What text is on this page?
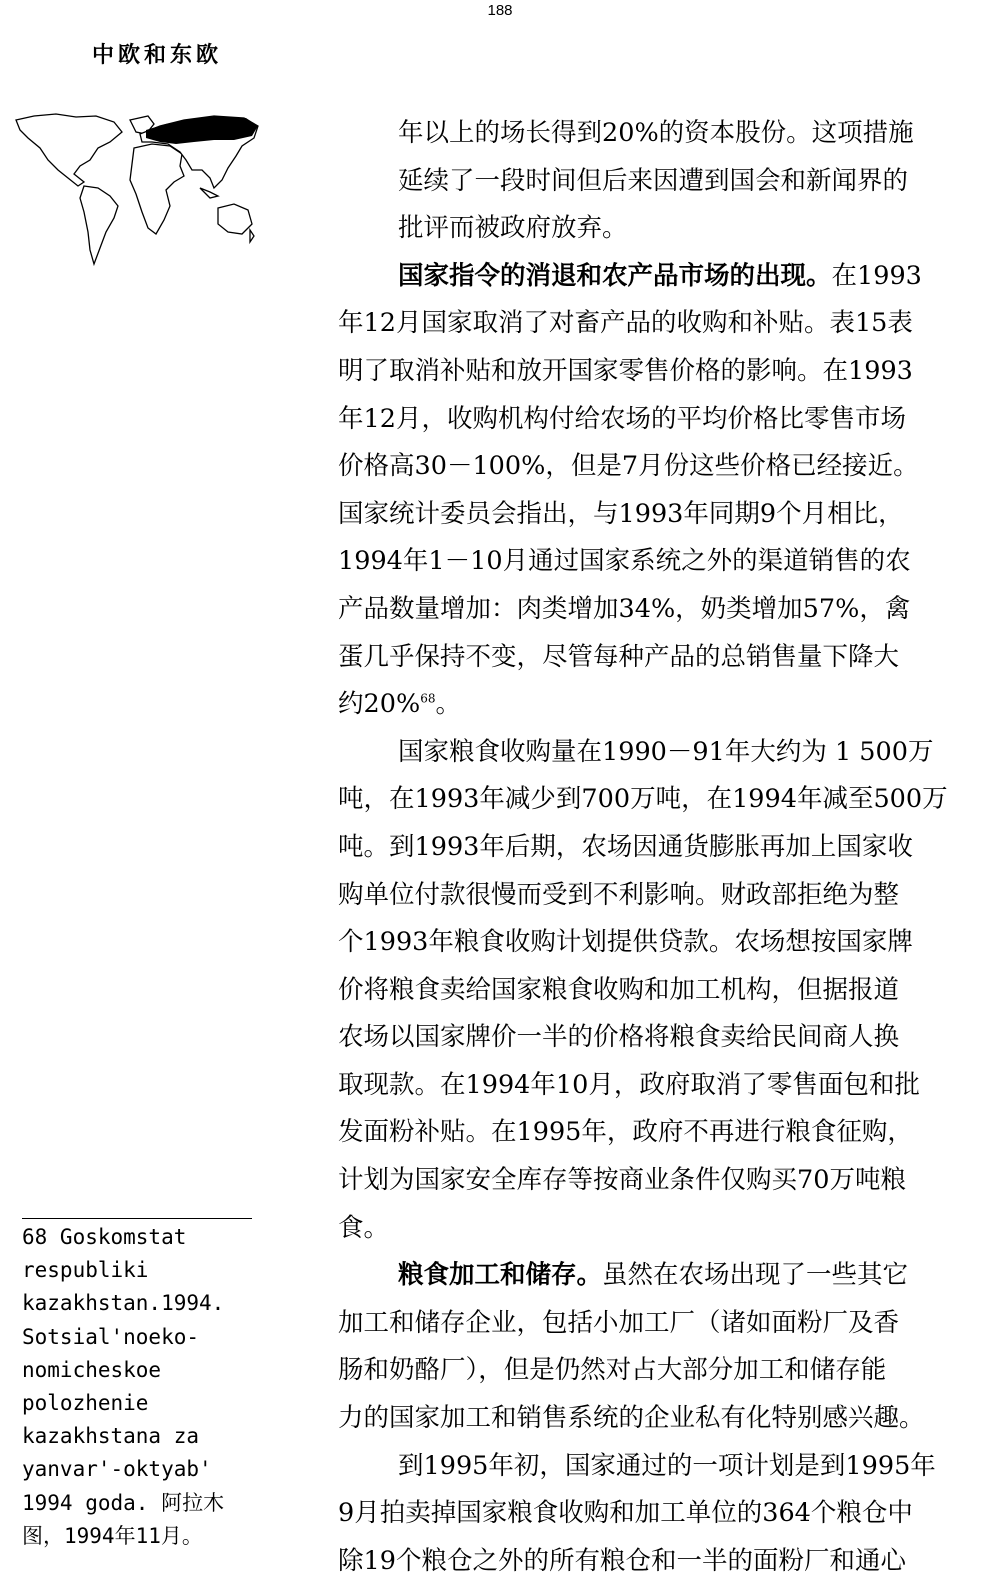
188
中欧和东欧

年以上的场长得到20%的资本股份。这项措施

延续了一段时间但后来因遭到国会和新闻界的

批评而被政府放弃。

国家指令的消退和农产品市场的出现。在1993

年12月国家取消了对畜产品的收购和补贴。表15表

明了取消补贴和放开国家零售价格的影响。在1993

年12月，收购机构付给农场的平均价格比零售市场

价格高30－100%，但是7月份这些价格已经接近。

国家统计委员会指出，与1993年同期9个月相比，

1994年1－10月通过国家系统之外的渠道销售的农

产品数量增加：肉类增加34%，奶类增加57%，禽

蛋几乎保持不变，尽管每种产品的总销售量下降大

约20%$^{68}$。

国家粮食收购量在1990－91年大约为 1 500万

吨，在1993年减少到700万吨，在1994年减至500万

吨。到1993年后期，农场因通货膨胀再加上国家收

购单位付款很慢而受到不利影响。财政部拒绝为整

个1993年粮食收购计划提供贷款。农场想按国家牌

价将粮食卖给国家粮食收购和加工机构，但据报道

农场以国家牌价一半的价格将粮食卖给民间商人换

取现款。在1994年10月，政府取消了零售面包和批

发面粉补贴。在1995年，政府不再进行粮食征购，

计划为国家安全库存等按商业条件仅购买70万吨粮

食。

粮食加工和储存。虽然在农场出现了一些其它

加工和储存企业，包括小加工厂（诸如面粉厂及香

肠和奶酪厂），但是仍然对占大部分加工和储存能

力的国家加工和销售系统的企业私有化特别感兴趣。

到1995年初，国家通过的一项计划是到1995年

9月拍卖掉国家粮食收购和加工单位的364个粮仓中

除19个粮仓之外的所有粮仓和一半的面粉厂和通心

68 Goskomstat
respubliki
kazakhstan.1994.
Sotsial'noeko-
nomicheskoe
polozhenie
kazakhstana za
yanvar'-oktyab'
1994 goda. 阿拉木
图，1994年11月。
